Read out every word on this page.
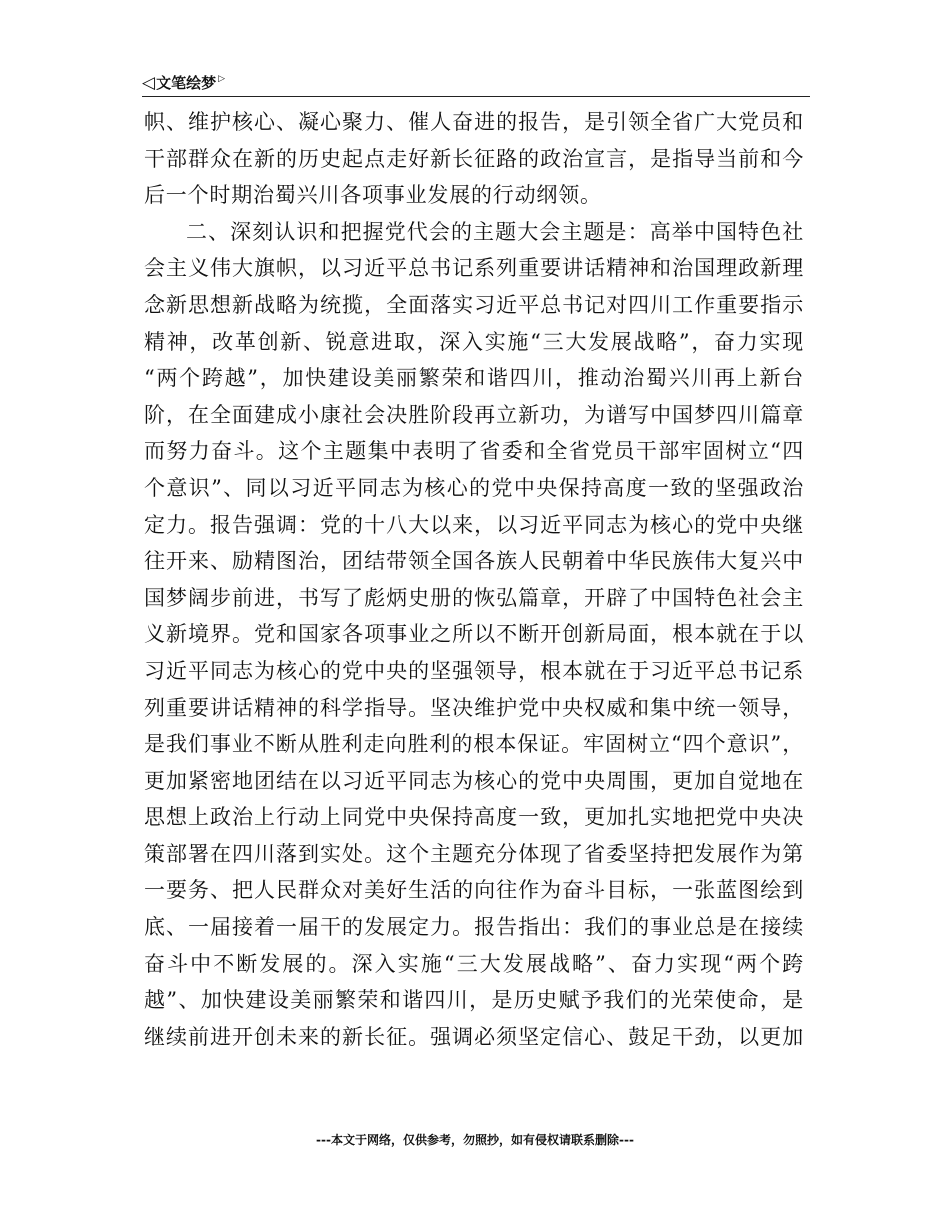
◁ 文笔绘梦 ▷
帜、维护核心、凝心聚力、催人奋进的报告，是引领全省广大党员和
干部群众在新的历史起点走好新长征路的政治宣言，是指导当前和今
后一个时期治蜀兴川各项事业发展的行动纲领。
二、深刻认识和把握党代会的主题大会主题是：高举中国特色社
会主义伟大旗帜，以习近平总书记系列重要讲话精神和治国理政新理
念新思想新战略为统揽，全面落实习近平总书记对四川工作重要指示
精神，改革创新、锐意进取，深入实施“三大发展战略”，奋力实现
“两个跨越”，加快建设美丽繁荣和谐四川，推动治蜀兴川再上新台
阶，在全面建成小康社会决胜阶段再立新功，为谱写中国梦四川篇章
而努力奋斗。这个主题集中表明了省委和全省党员干部牢固树立“四
个意识”、同以习近平同志为核心的党中央保持高度一致的坚强政治
定力。报告强调：党的十八大以来，以习近平同志为核心的党中央继
往开来、励精图治，团结带领全国各族人民朝着中华民族伟大复兴中
国梦阔步前进，书写了彪炳史册的恢弘篇章，开辟了中国特色社会主
义新境界。党和国家各项事业之所以不断开创新局面，根本就在于以
习近平同志为核心的党中央的坚强领导，根本就在于习近平总书记系
列重要讲话精神的科学指导。坚决维护党中央权威和集中统一领导，
是我们事业不断从胜利走向胜利的根本保证。牢固树立“四个意识”，
更加紧密地团结在以习近平同志为核心的党中央周围，更加自觉地在
思想上政治上行动上同党中央保持高度一致，更加扎实地把党中央决
策部署在四川落到实处。这个主题充分体现了省委坚持把发展作为第
一要务、把人民群众对美好生活的向往作为奋斗目标，一张蓝图绘到
底、一届接着一届干的发展定力。报告指出：我们的事业总是在接续
奋斗中不断发展的。深入实施“三大发展战略”、奋力实现“两个跨
越”、加快建设美丽繁荣和谐四川，是历史赋予我们的光荣使命，是
继续前进开创未来的新长征。强调必须坚定信心、鼓足干劲，以更加
---本文于网络，仅供参考，勿照抄，如有侵权请联系删除---
